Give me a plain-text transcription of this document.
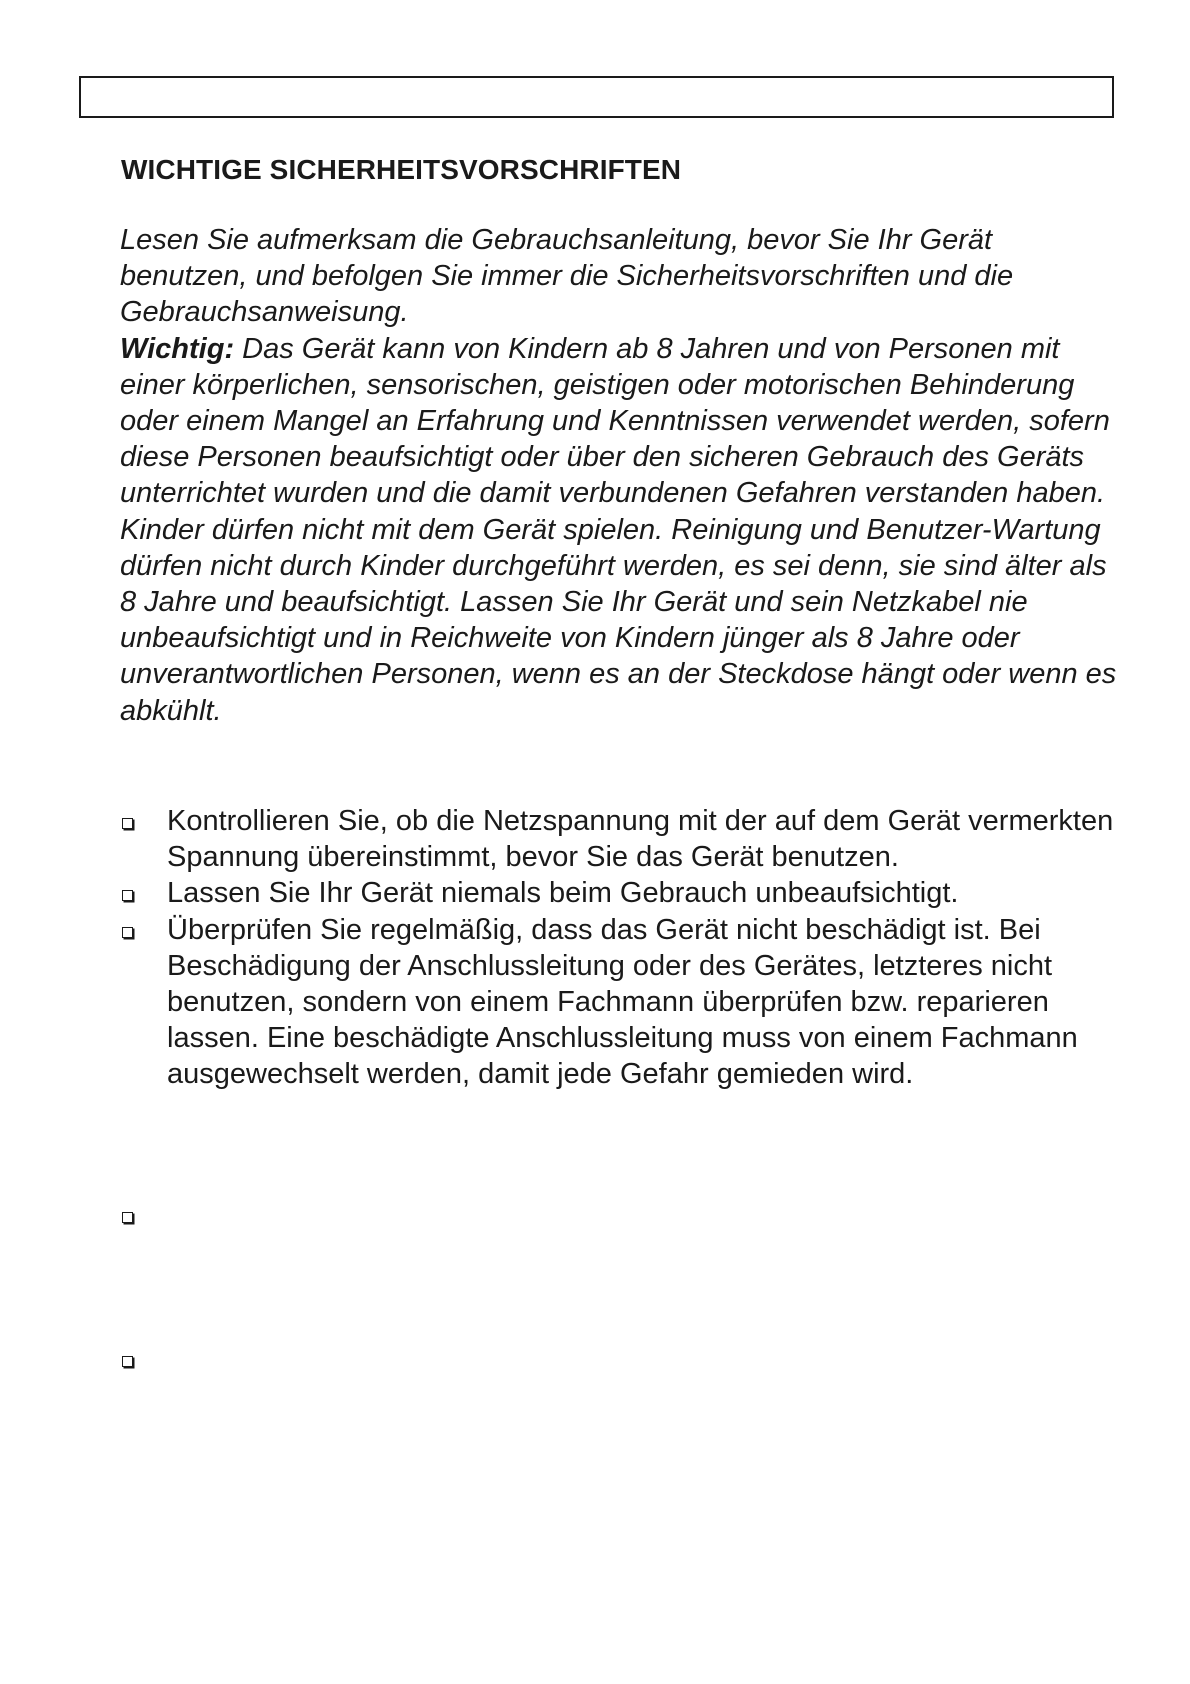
WICHTIGE SICHERHEITSVORSCHRIFTEN

Lesen Sie aufmerksam die Gebrauchsanleitung, bevor Sie Ihr Gerät benutzen, und befolgen Sie immer die Sicherheitsvorschriften und die Gebrauchsanweisung.

Wichtig: Das Gerät kann von Kindern ab 8 Jahren und von Personen mit einer körperlichen, sensorischen, geistigen oder motorischen Behinderung oder einem Mangel an Erfahrung und Kenntnissen verwendet werden, sofern diese Personen beaufsichtigt oder über den sicheren Gebrauch des Geräts unterrichtet wurden und die damit verbundenen Gefahren verstanden haben. Kinder dürfen nicht mit dem Gerät spielen. Reinigung und Benutzer-Wartung dürfen nicht durch Kinder durchgeführt werden, es sei denn, sie sind älter als 8 Jahre und beaufsichtigt. Lassen Sie Ihr Gerät und sein Netzkabel nie unbeaufsichtigt und in Reichweite von Kindern jünger als 8 Jahre oder unverantwortlichen Personen, wenn es an der Steckdose hängt oder wenn es abkühlt.

Kontrollieren Sie, ob die Netzspannung mit der auf dem Gerät vermerkten Spannung übereinstimmt, bevor Sie das Gerät benutzen.
Lassen Sie Ihr Gerät niemals beim Gebrauch unbeaufsichtigt.
Überprüfen Sie regelmäßig, dass das Gerät nicht beschädigt ist. Bei Beschädigung der Anschlussleitung oder des Gerätes, letzteres nicht benutzen, sondern von einem Fachmann überprüfen bzw. reparieren lassen. Eine beschädigte Anschlussleitung muss von einem Fachmann ausgewechselt werden, damit jede Gefahr gemieden wird.
